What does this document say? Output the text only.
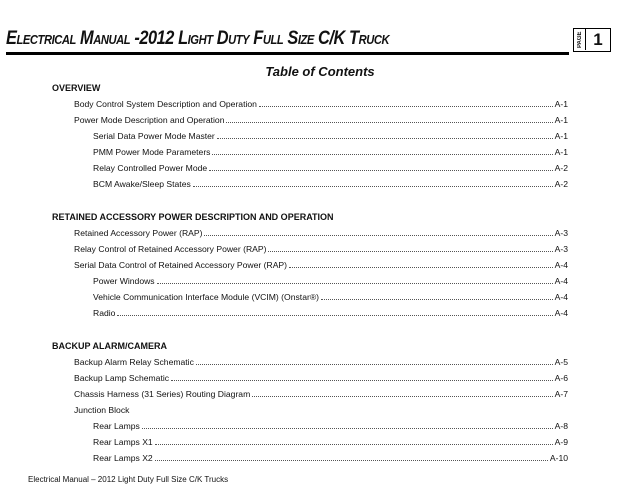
Electrical Manual -2012 Light Duty Full Size C/K Truck	PAGE 1
Table of Contents
OVERVIEW
Body Control System Description and Operation	A-1
Power Mode Description and Operation	A-1
Serial Data Power Mode Master	A-1
PMM Power Mode Parameters	A-1
Relay Controlled Power Mode	A-2
BCM Awake/Sleep States	A-2
RETAINED ACCESSORY POWER DESCRIPTION AND OPERATION
Retained Accessory Power (RAP)	A-3
Relay Control of Retained Accessory Power (RAP)	A-3
Serial Data Control of Retained Accessory Power (RAP)	A-4
Power Windows	A-4
Vehicle Communication Interface Module (VCIM) (Onstar®)	A-4
Radio	A-4
BACKUP ALARM/CAMERA
Backup Alarm Relay Schematic	A-5
Backup Lamp Schematic	A-6
Chassis Harness (31 Series) Routing Diagram	A-7
Junction Block
Rear Lamps	A-8
Rear Lamps X1	A-9
Rear Lamps X2	A-10
Electrical Manual – 2012 Light Duty Full Size C/K Trucks
